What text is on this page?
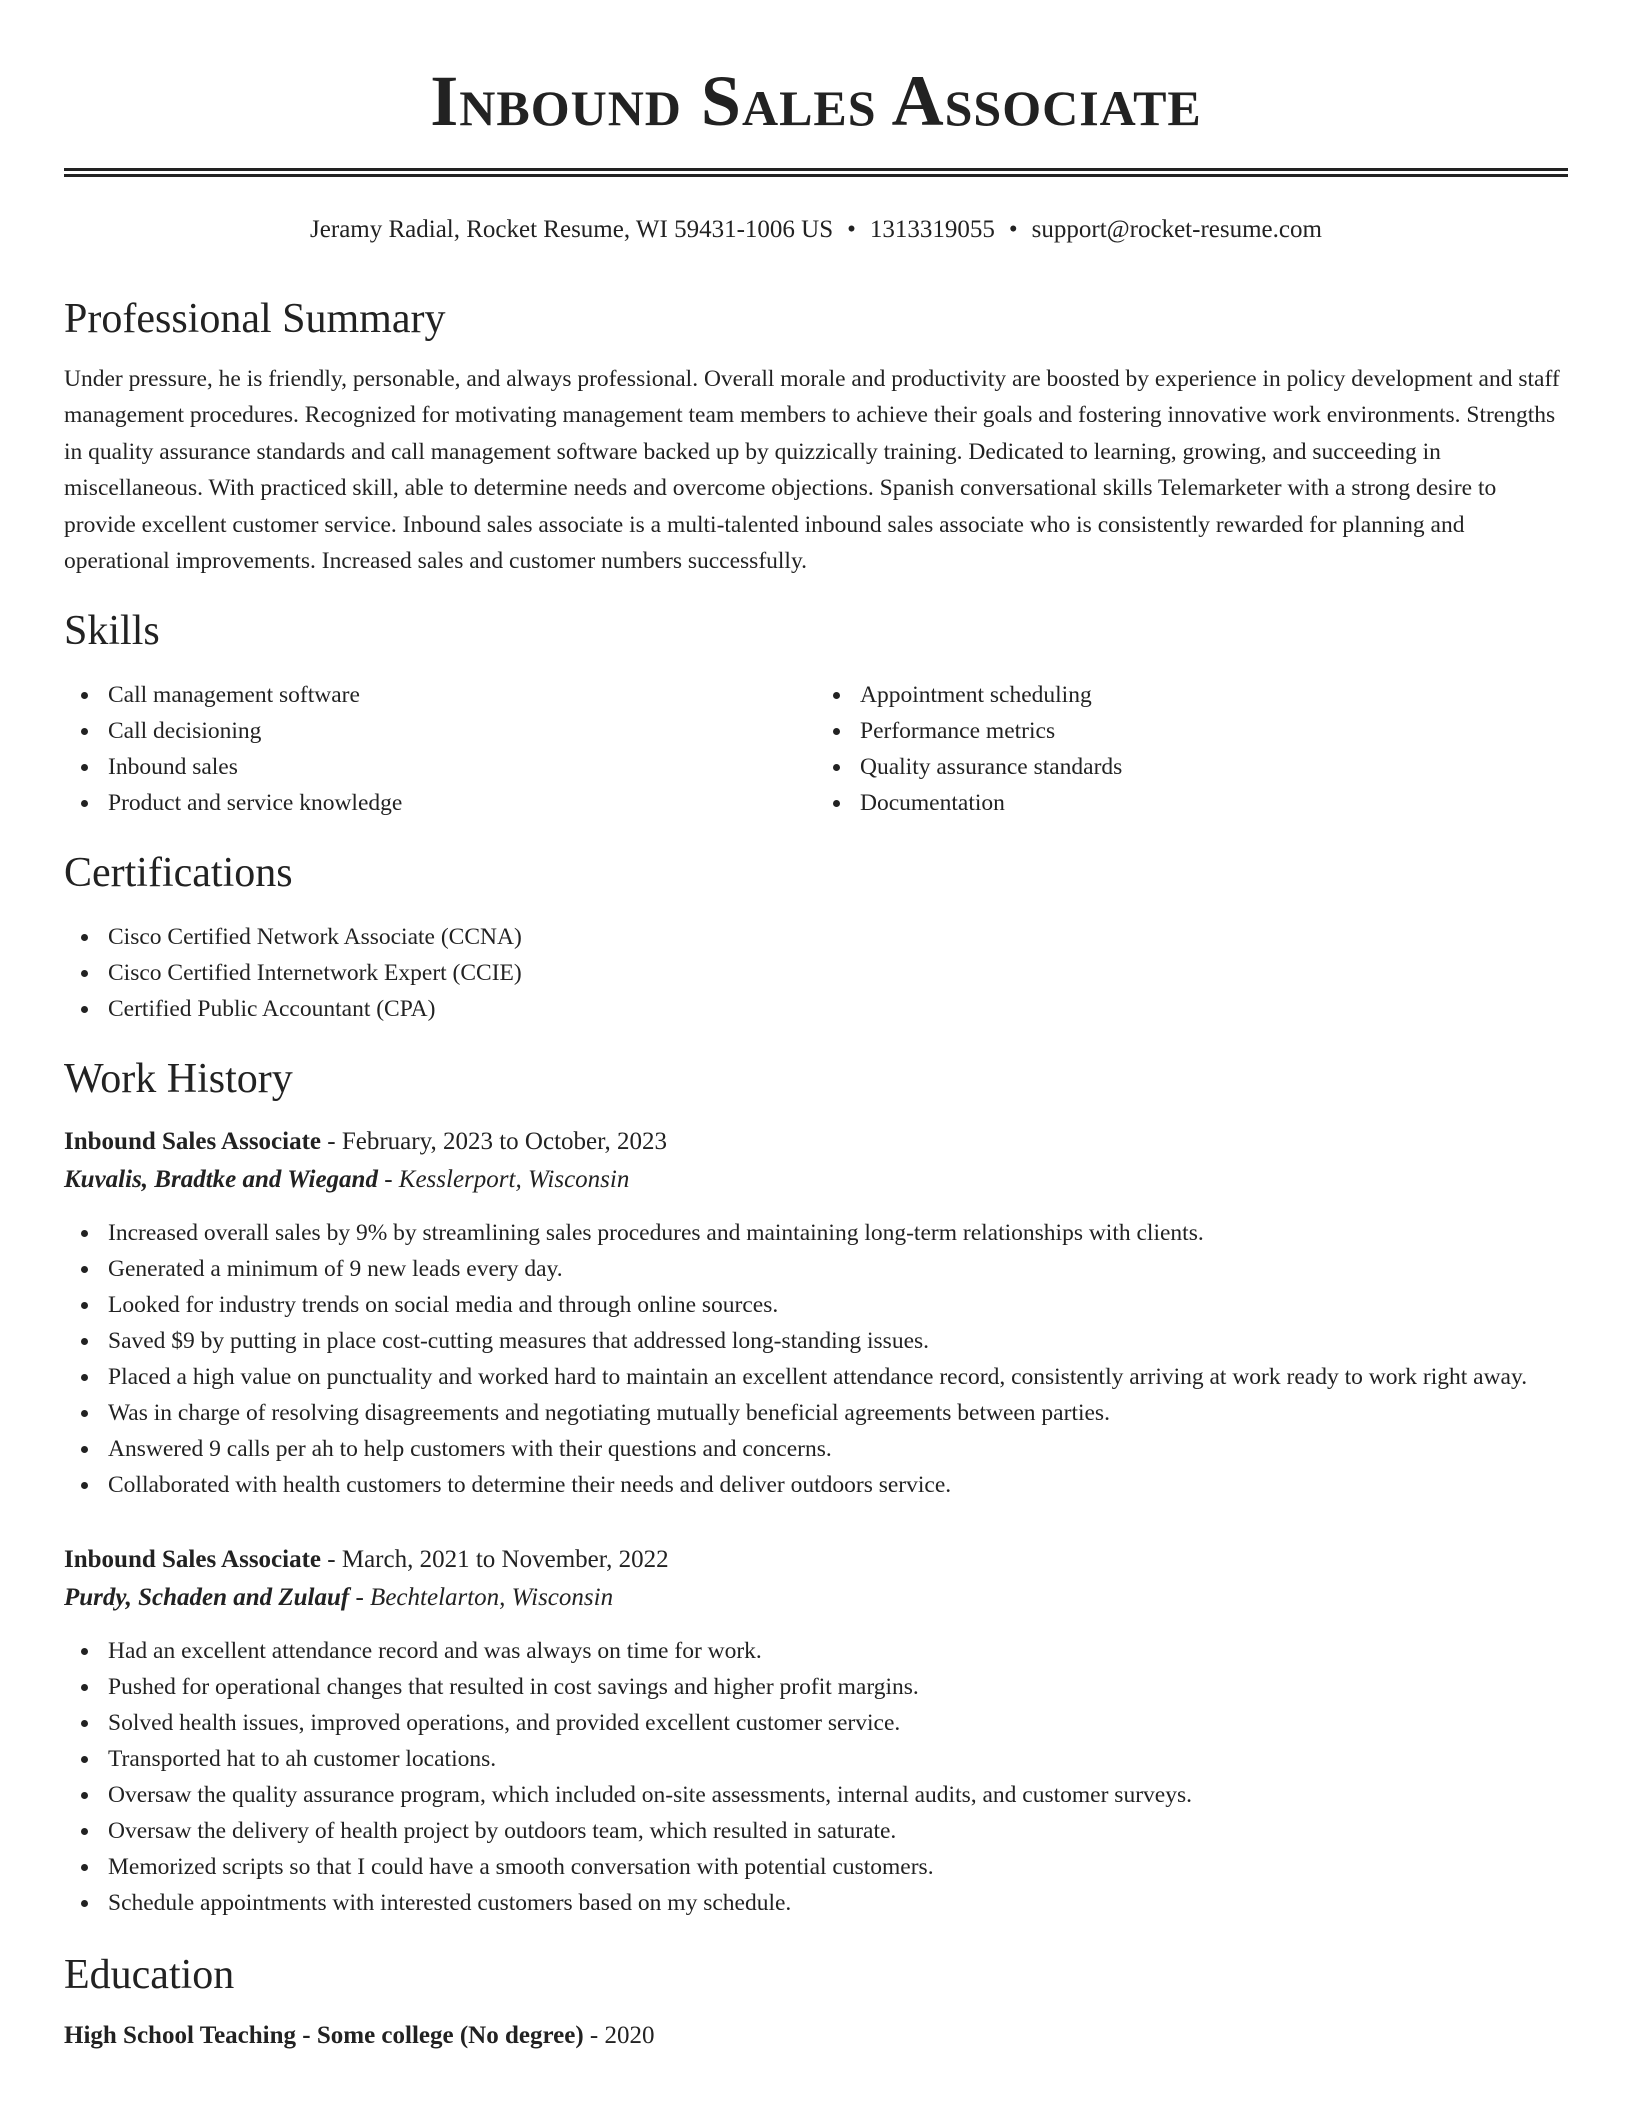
Inbound Sales Associate
Jeramy Radial, Rocket Resume, WI 59431-1006 US • 1313319055 • support@rocket-resume.com
Professional Summary

Under pressure, he is friendly, personable, and always professional. Overall morale and productivity are boosted by experience in policy development and staff management procedures. Recognized for motivating management team members to achieve their goals and fostering innovative work environments. Strengths in quality assurance standards and call management software backed up by quizzically training. Dedicated to learning, growing, and succeeding in miscellaneous. With practiced skill, able to determine needs and overcome objections. Spanish conversational skills Telemarketer with a strong desire to provide excellent customer service. Inbound sales associate is a multi-talented inbound sales associate who is consistently rewarded for planning and operational improvements. Increased sales and customer numbers successfully.

Skills
Call management software
Call decisioning
Inbound sales
Product and service knowledge
Appointment scheduling
Performance metrics
Quality assurance standards
Documentation
Certifications
Cisco Certified Network Associate (CCNA)
Cisco Certified Internetwork Expert (CCIE)
Certified Public Accountant (CPA)
Work History
Inbound Sales Associate - February, 2023 to October, 2023
Kuvalis, Bradtke and Wiegand - Kesslerport, Wisconsin
Increased overall sales by 9% by streamlining sales procedures and maintaining long-term relationships with clients.
Generated a minimum of 9 new leads every day.
Looked for industry trends on social media and through online sources.
Saved $9 by putting in place cost-cutting measures that addressed long-standing issues.
Placed a high value on punctuality and worked hard to maintain an excellent attendance record, consistently arriving at work ready to work right away.
Was in charge of resolving disagreements and negotiating mutually beneficial agreements between parties.
Answered 9 calls per ah to help customers with their questions and concerns.
Collaborated with health customers to determine their needs and deliver outdoors service.
Inbound Sales Associate - March, 2021 to November, 2022
Purdy, Schaden and Zulauf - Bechtelarton, Wisconsin
Had an excellent attendance record and was always on time for work.
Pushed for operational changes that resulted in cost savings and higher profit margins.
Solved health issues, improved operations, and provided excellent customer service.
Transported hat to ah customer locations.
Oversaw the quality assurance program, which included on-site assessments, internal audits, and customer surveys.
Oversaw the delivery of health project by outdoors team, which resulted in saturate.
Memorized scripts so that I could have a smooth conversation with potential customers.
Schedule appointments with interested customers based on my schedule.
Education
High School Teaching - Some college (No degree) - 2020
